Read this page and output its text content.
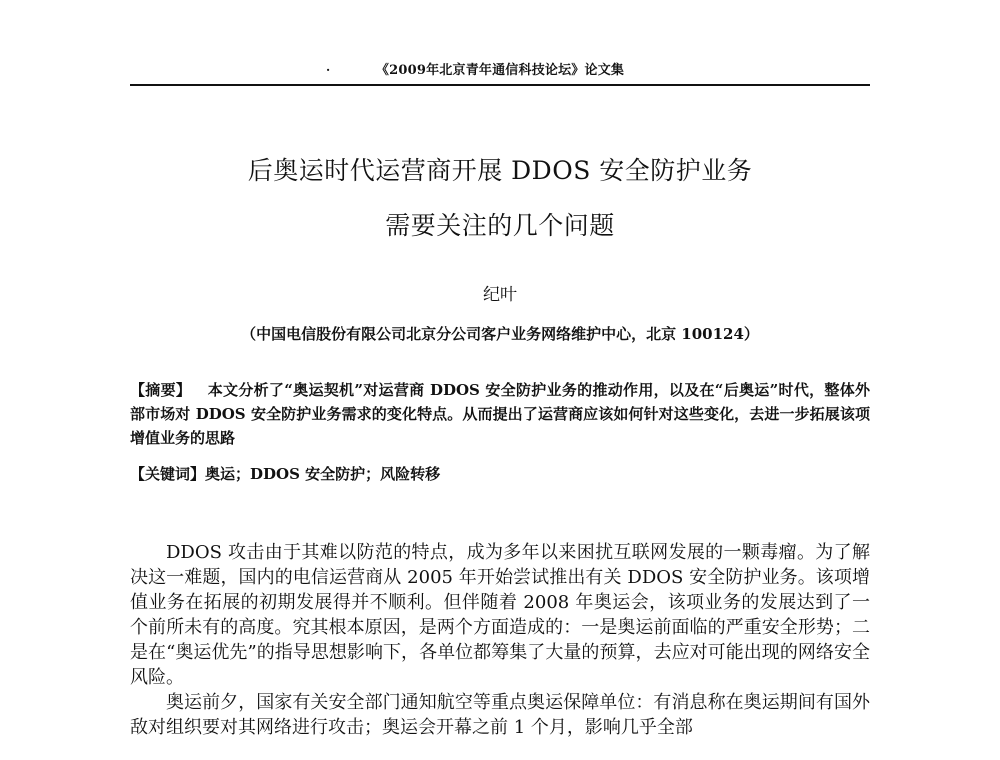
·	《2009年北京青年通信科技论坛》论文集
后奥运时代运营商开展 DDOS 安全防护业务
需要关注的几个问题
纪叶
（中国电信股份有限公司北京分公司客户业务网络维护中心，北京 100124）

【摘要】 本文分析了“奥运契机”对运营商 DDOS 安全防护业务的推动作用，以及在“后奥运”时代，整体外部市场对 DDOS 安全防护业务需求的变化特点。从而提出了运营商应该如何针对这些变化，去进一步拓展该项增值业务的思路

【关键词】奥运；DDOS 安全防护；风险转移

DDOS 攻击由于其难以防范的特点，成为多年以来困扰互联网发展的一颗毒瘤。为了解决这一难题，国内的电信运营商从 2005 年开始尝试推出有关 DDOS 安全防护业务。该项增值业务在拓展的初期发展得并不顺利。但伴随着 2008 年奥运会，该项业务的发展达到了一个前所未有的高度。究其根本原因，是两个方面造成的：一是奥运前面临的严重安全形势；二是在“奥运优先”的指导思想影响下，各单位都筹集了大量的预算，去应对可能出现的网络安全风险。

奥运前夕，国家有关安全部门通知航空等重点奥运保障单位：有消息称在奥运期间有国外敌对组织要对其网络进行攻击；奥运会开幕之前 1 个月，影响几乎全部
